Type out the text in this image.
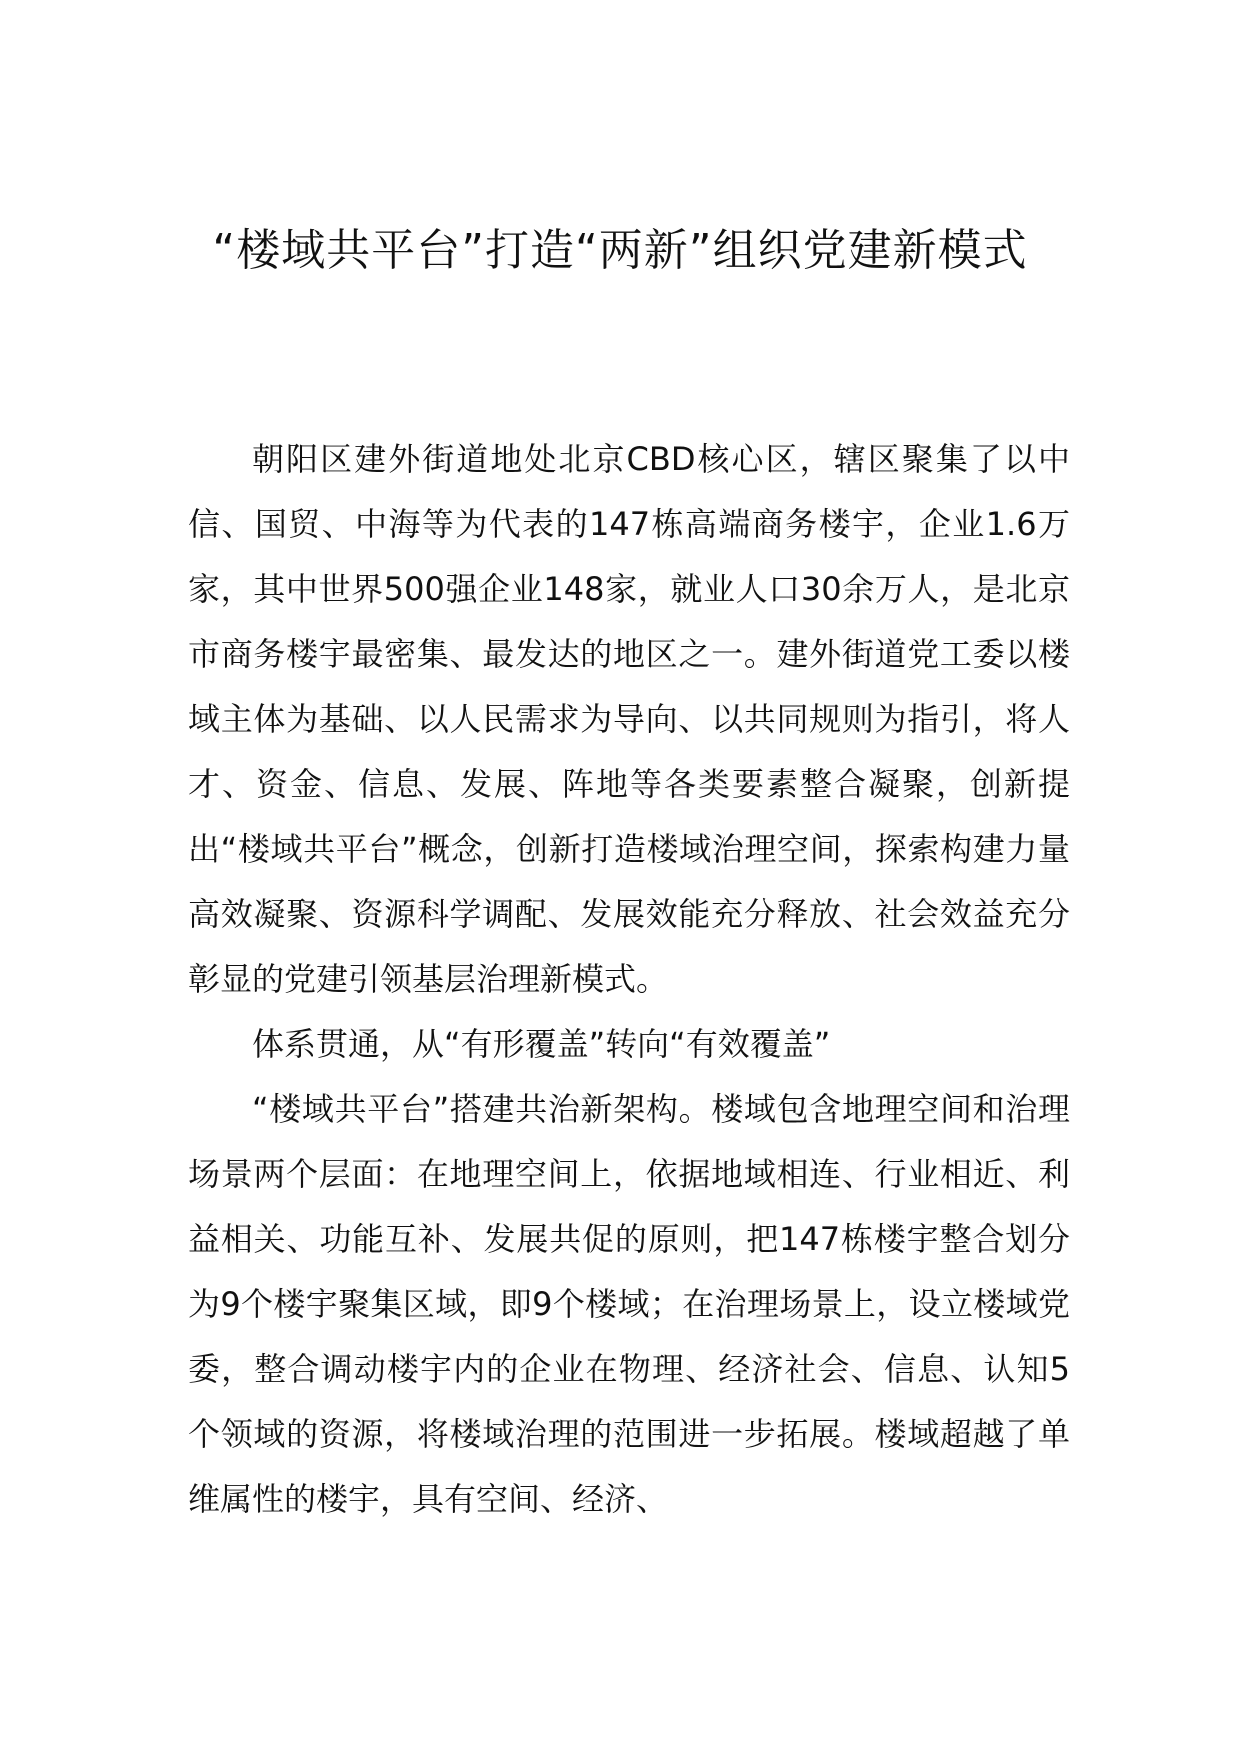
“楼域共平台”打造“两新”组织党建新模式

朝阳区建外街道地处北京CBD核心区，辖区聚集了以中信、国贸、中海等为代表的147栋高端商务楼宇，企业1.6万家，其中世界500强企业148家，就业人口30余万人，是北京市商务楼宇最密集、最发达的地区之一。建外街道党工委以楼域主体为基础、以人民需求为导向、以共同规则为指引，将人才、资金、信息、发展、阵地等各类要素整合凝聚，创新提出“楼域共平台”概念，创新打造楼域治理空间，探索构建力量高效凝聚、资源科学调配、发展效能充分释放、社会效益充分彰显的党建引领基层治理新模式。

体系贯通，从“有形覆盖”转向“有效覆盖”

“楼域共平台”搭建共治新架构。楼域包含地理空间和治理场景两个层面：在地理空间上，依据地域相连、行业相近、利益相关、功能互补、发展共促的原则，把147栋楼宇整合划分为9个楼宇聚集区域，即9个楼域；在治理场景上，设立楼域党委，整合调动楼宇内的企业在物理、经济社会、信息、认知5个领域的资源，将楼域治理的范围进一步拓展。楼域超越了单维属性的楼宇，具有空间、经济、
